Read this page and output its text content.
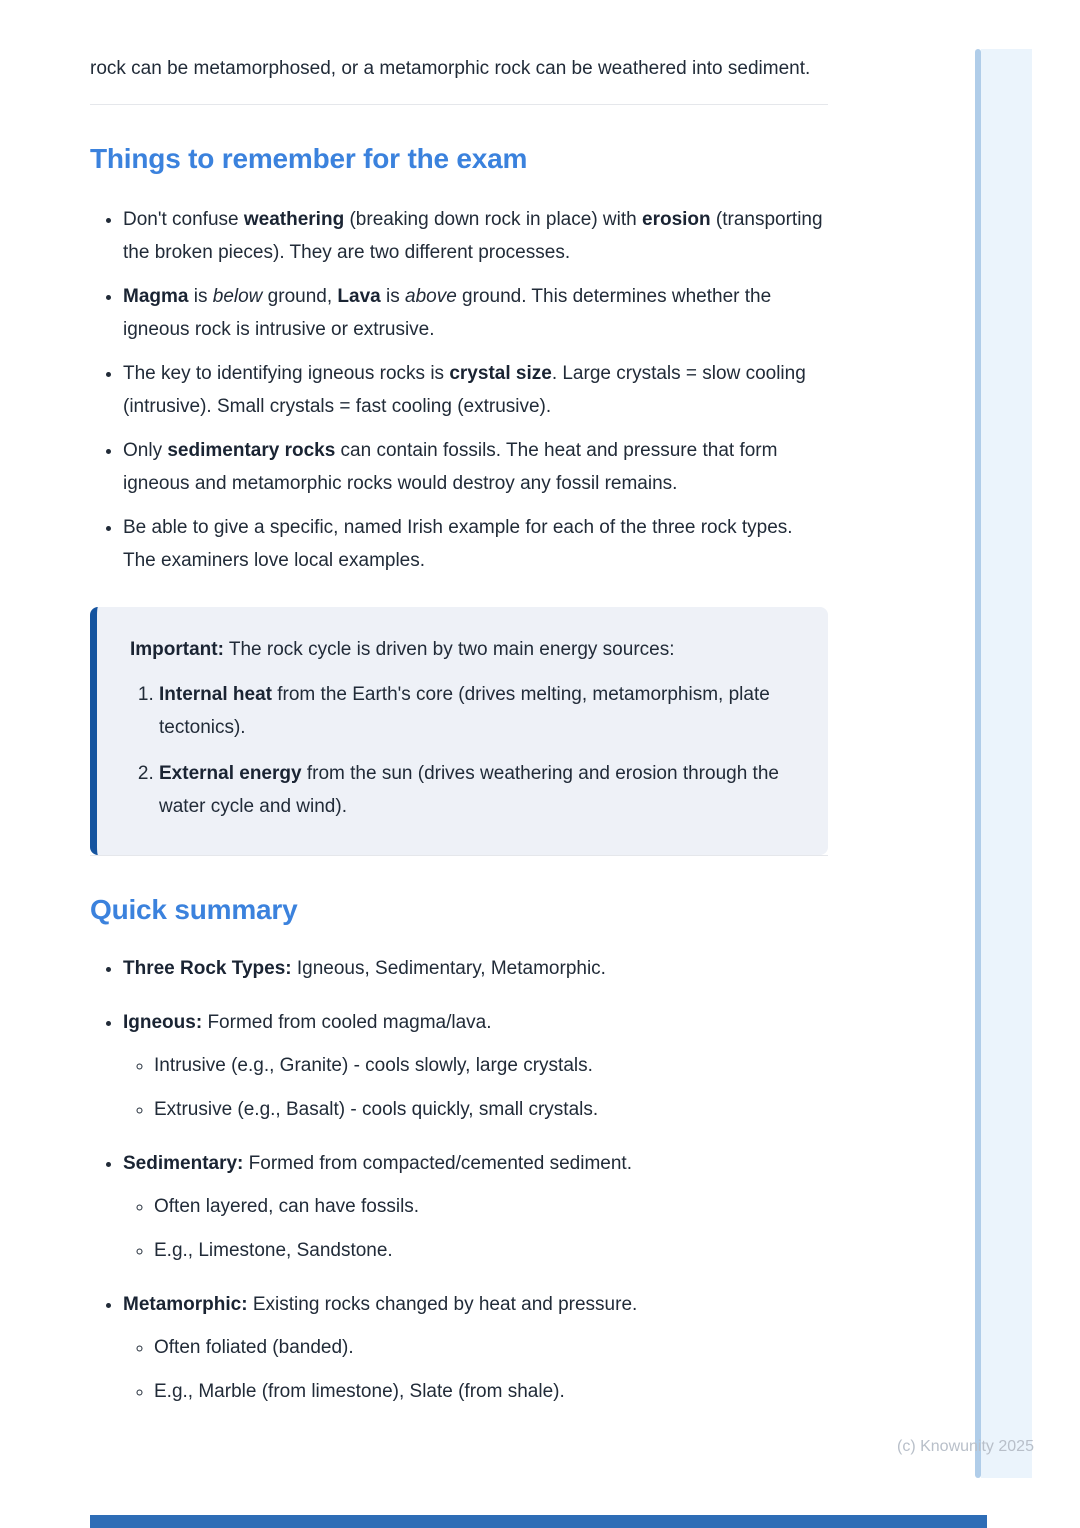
rock can be metamorphosed, or a metamorphic rock can be weathered into sediment.

Things to remember for the exam
• Don't confuse weathering (breaking down rock in place) with erosion (transporting the broken pieces). They are two different processes.
• Magma is below ground, Lava is above ground. This determines whether the igneous rock is intrusive or extrusive.
• The key to identifying igneous rocks is crystal size. Large crystals = slow cooling (intrusive). Small crystals = fast cooling (extrusive).
• Only sedimentary rocks can contain fossils. The heat and pressure that form igneous and metamorphic rocks would destroy any fossil remains.
• Be able to give a specific, named Irish example for each of the three rock types. The examiners love local examples.
Important: The rock cycle is driven by two main energy sources:
1. Internal heat from the Earth's core (drives melting, metamorphism, plate tectonics).
2. External energy from the sun (drives weathering and erosion through the water cycle and wind).
Quick summary
• Three Rock Types: Igneous, Sedimentary, Metamorphic.
• Igneous: Formed from cooled magma/lava.
◦ Intrusive (e.g., Granite) - cools slowly, large crystals.
◦ Extrusive (e.g., Basalt) - cools quickly, small crystals.
• Sedimentary: Formed from compacted/cemented sediment.
◦ Often layered, can have fossils.
◦ E.g., Limestone, Sandstone.
• Metamorphic: Existing rocks changed by heat and pressure.
◦ Often foliated (banded).
◦ E.g., Marble (from limestone), Slate (from shale).
(c) Knowunity 2025
